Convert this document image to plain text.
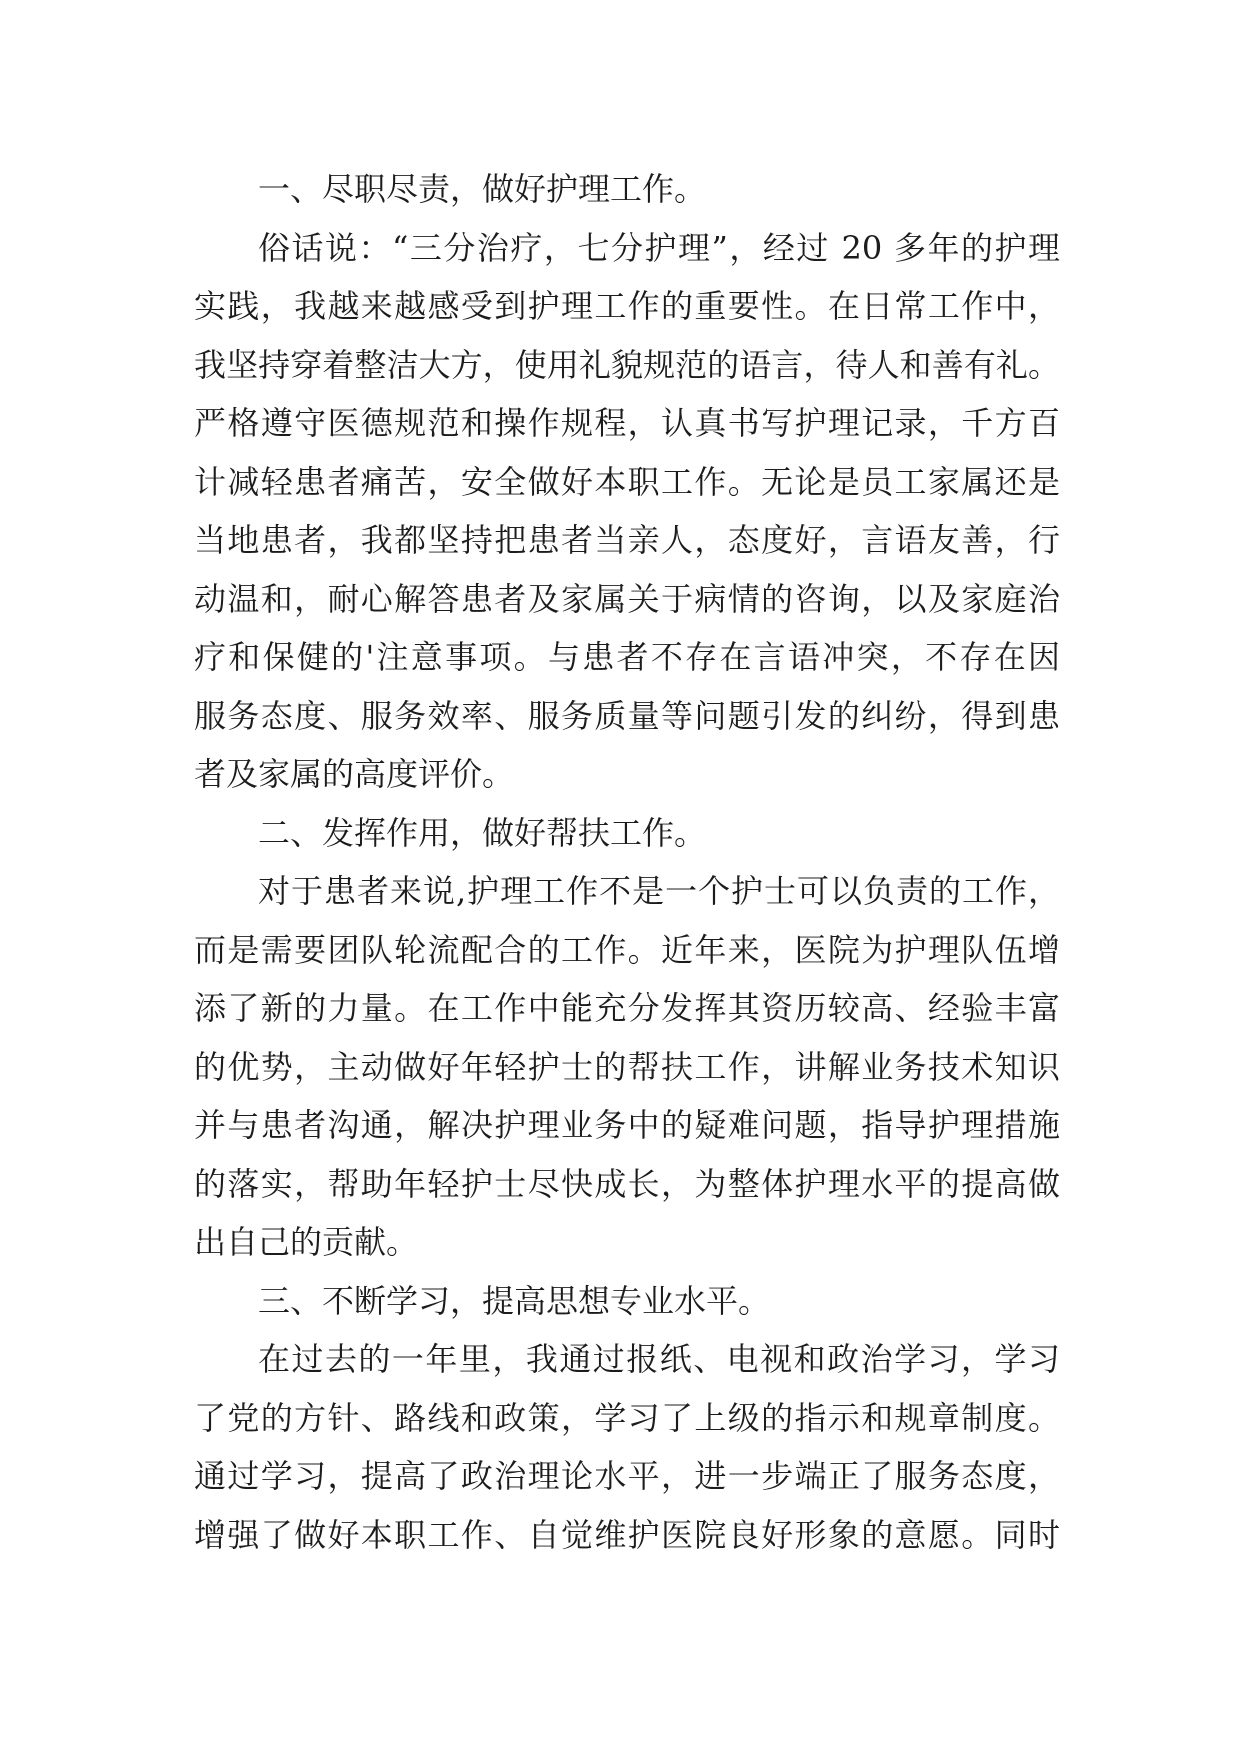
一、尽职尽责，做好护理工作。
俗话说：“三分治疗，七分护理”，经过 20 多年的护理
实践，我越来越感受到护理工作的重要性。在日常工作中，
我坚持穿着整洁大方，使用礼貌规范的语言，待人和善有礼。
严格遵守医德规范和操作规程，认真书写护理记录，千方百
计减轻患者痛苦，安全做好本职工作。无论是员工家属还是
当地患者，我都坚持把患者当亲人，态度好，言语友善，行
动温和，耐心解答患者及家属关于病情的咨询，以及家庭治
疗和保健的'注意事项。与患者不存在言语冲突，不存在因
服务态度、服务效率、服务质量等问题引发的纠纷，得到患
者及家属的高度评价。
二、发挥作用，做好帮扶工作。
对于患者来说,护理工作不是一个护士可以负责的工作，
而是需要团队轮流配合的工作。近年来，医院为护理队伍增
添了新的力量。在工作中能充分发挥其资历较高、经验丰富
的优势，主动做好年轻护士的帮扶工作，讲解业务技术知识
并与患者沟通，解决护理业务中的疑难问题，指导护理措施
的落实，帮助年轻护士尽快成长，为整体护理水平的提高做
出自己的贡献。
三、不断学习，提高思想专业水平。
在过去的一年里，我通过报纸、电视和政治学习，学习
了党的方针、路线和政策，学习了上级的指示和规章制度。
通过学习，提高了政治理论水平，进一步端正了服务态度，
增强了做好本职工作、自觉维护医院良好形象的意愿。同时
